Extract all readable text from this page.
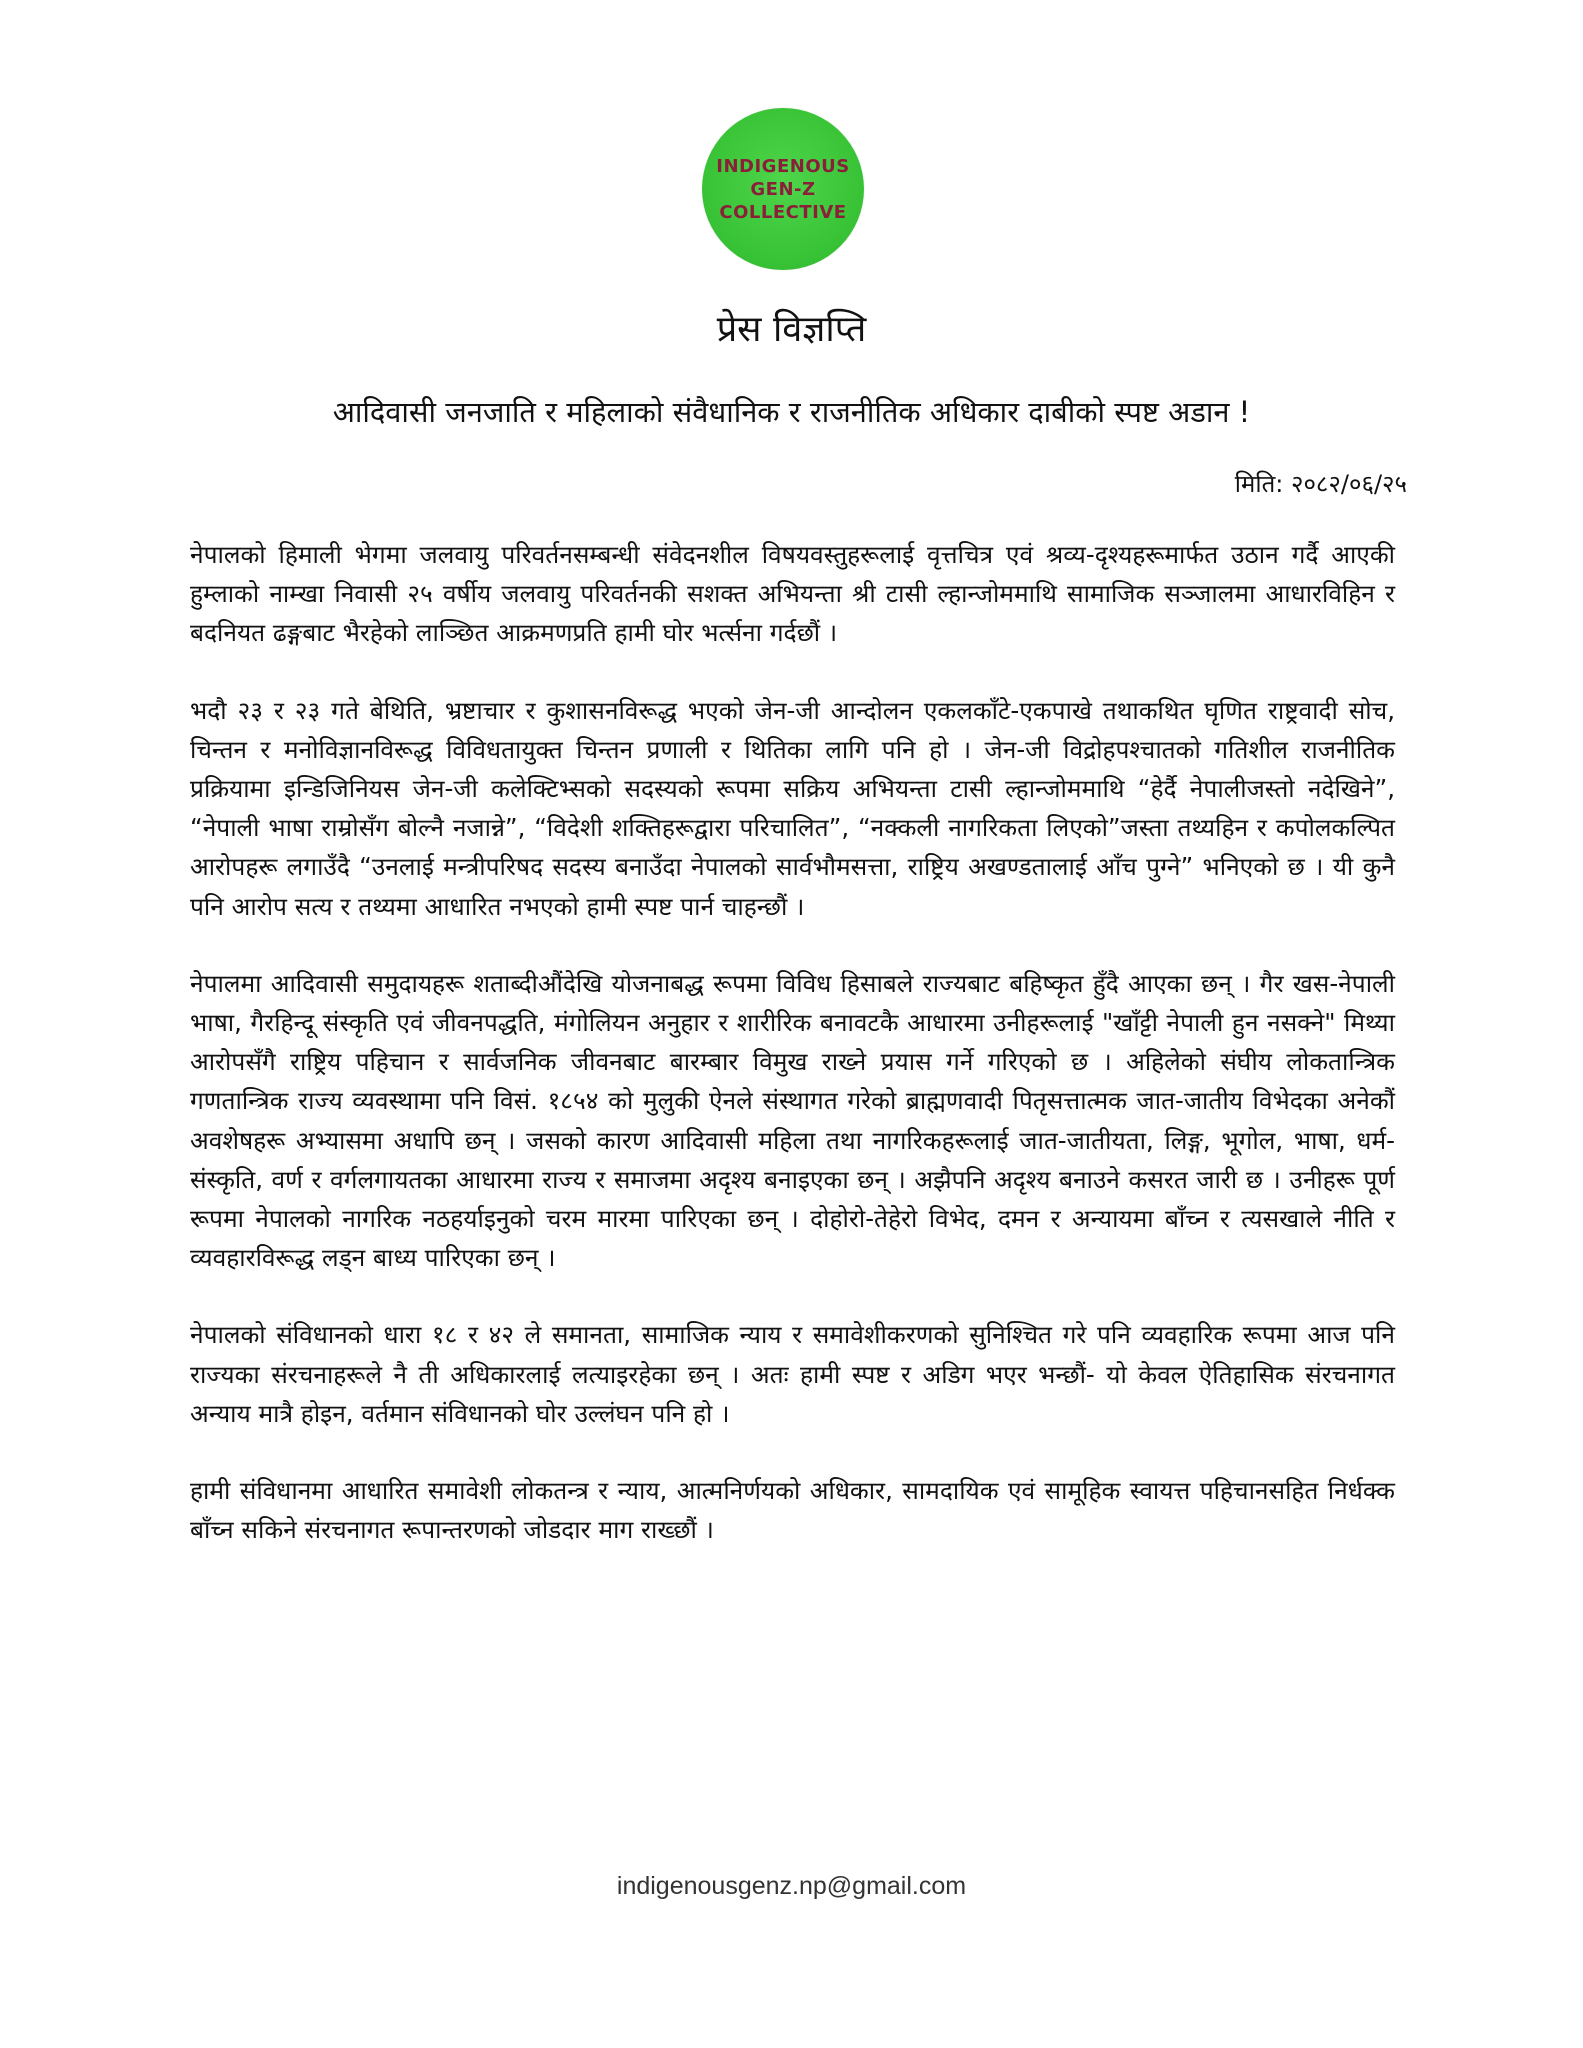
INDIGENOUS
GEN-Z
COLLECTIVE
प्रेस विज्ञप्ति
आदिवासी जनजाति र महिलाको संवैधानिक र राजनीतिक अधिकार दाबीको स्पष्ट अडान !
मिति: २०८२/०६/२५

नेपालको हिमाली भेगमा जलवायु परिवर्तनसम्बन्धी संवेदनशील विषयवस्तुहरूलाई वृत्तचित्र एवं श्रव्य-दृश्यहरूमार्फत उठान गर्दै आएकी हुम्लाको नाम्खा निवासी २५ वर्षीय जलवायु परिवर्तनकी सशक्त अभियन्ता श्री टासी ल्हान्जोममाथि सामाजिक सञ्जालमा आधारविहिन र बदनियत ढङ्गबाट भैरहेको लाञ्छित आक्रमणप्रति हामी घोर भर्त्सना गर्दछौं ।

भदौ २३ र २३ गते बेथिति, भ्रष्टाचार र कुशासनविरूद्ध भएको जेन-जी आन्दोलन एकलकाँटे-एकपाखे तथाकथित घृणित राष्ट्रवादी सोच, चिन्तन र मनोविज्ञानविरूद्ध विविधतायुक्त चिन्तन प्रणाली र थितिका लागि पनि हो । जेन-जी विद्रोहपश्चातको गतिशील राजनीतिक प्रक्रियामा इन्डिजिनियस जेन-जी कलेक्टिभ्सको सदस्यको रूपमा सक्रिय अभियन्ता टासी ल्हान्जोममाथि “हेर्दै नेपालीजस्तो नदेखिने”, “नेपाली भाषा राम्रोसँग बोल्नै नजान्ने”, “विदेशी शक्तिहरूद्वारा परिचालित”, “नक्कली नागरिकता लिएको”जस्ता तथ्यहिन र कपोलकल्पित आरोपहरू लगाउँदै “उनलाई मन्त्रीपरिषद सदस्य बनाउँदा नेपालको सार्वभौमसत्ता, राष्ट्रिय अखण्डतालाई आँच पुग्ने” भनिएको छ । यी कुनै पनि आरोप सत्य र तथ्यमा आधारित नभएको हामी स्पष्ट पार्न चाहन्छौं ।

नेपालमा आदिवासी समुदायहरू शताब्दीऔंदेखि योजनाबद्ध रूपमा विविध हिसाबले राज्यबाट बहिष्कृत हुँदै आएका छन् । गैर खस-नेपाली भाषा, गैरहिन्दू संस्कृति एवं जीवनपद्धति, मंगोलियन अनुहार र शारीरिक बनावटकै आधारमा उनीहरूलाई "खाँट्टी नेपाली हुन नसक्ने" मिथ्या आरोपसँगै राष्ट्रिय पहिचान र सार्वजनिक जीवनबाट बारम्बार विमुख राख्ने प्रयास गर्ने गरिएको छ । अहिलेको संघीय लोकतान्त्रिक गणतान्त्रिक राज्य व्यवस्थामा पनि विसं. १८५४ को मुलुकी ऐनले संस्थागत गरेको ब्राह्मणवादी पितृसत्तात्मक जात-जातीय विभेदका अनेकौं अवशेषहरू अभ्यासमा अधापि छन् । जसको कारण आदिवासी महिला तथा नागरिकहरूलाई जात-जातीयता, लिङ्ग, भूगोल, भाषा, धर्म-संस्कृति, वर्ण र वर्गलगायतका आधारमा राज्य र समाजमा अदृश्य बनाइएका छन् । अझैपनि अदृश्य बनाउने कसरत जारी छ । उनीहरू पूर्ण रूपमा नेपालको नागरिक नठहर्याइनुको चरम मारमा पारिएका छन् । दोहोरो-तेहेरो विभेद, दमन र अन्यायमा बाँच्न र त्यसखाले नीति र व्यवहारविरूद्ध लड्न बाध्य पारिएका छन् ।

नेपालको संविधानको धारा १८ र ४२ ले समानता, सामाजिक न्याय र समावेशीकरणको सुनिश्चित गरे पनि व्यवहारिक रूपमा आज पनि राज्यका संरचनाहरूले नै ती अधिकारलाई लत्याइरहेका छन् । अतः हामी स्पष्ट र अडिग भएर भन्छौं- यो केवल ऐतिहासिक संरचनागत अन्याय मात्रै होइन, वर्तमान संविधानको घोर उल्लंघन पनि हो ।

हामी संविधानमा आधारित समावेशी लोकतन्त्र र न्याय, आत्मनिर्णयको अधिकार, सामदायिक एवं सामूहिक स्वायत्त पहिचानसहित निर्धक्क बाँच्न सकिने संरचनागत रूपान्तरणको जोडदार माग राख्छौं ।

indigenousgenz.np@gmail.com
